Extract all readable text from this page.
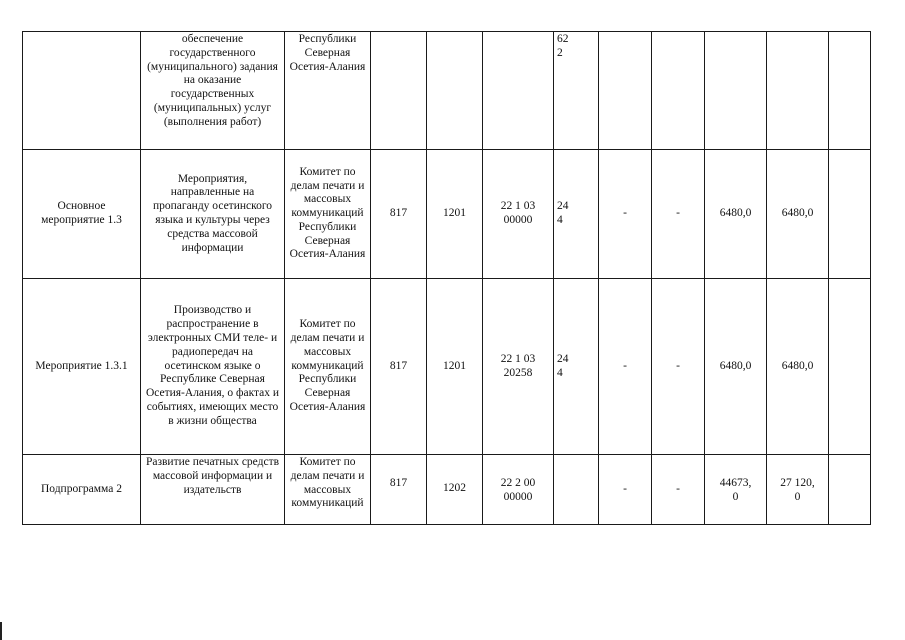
	обеспечение государственного (муниципального) задания на оказание государственных (муниципальных) услуг (выполнения работ)	Республики Северная Осетия-Алания				62
2					
Основное мероприятие 1.3	Мероприятия, направленные на пропаганду осетинского языка и культуры через средства массовой информации	Комитет по делам печати и массовых коммуникаций Республики Северная Осетия-Алания	817	1201	22 1 03
00000	24
4	-	-	6480,0	6480,0	
Мероприятие 1.3.1	Производство и распространение в электронных СМИ теле- и радиопередач на осетинском языке о Республике Северная Осетия-Алания, о фактах и событиях, имеющих место в жизни общества	Комитет по делам печати и массовых коммуникаций Республики Северная Осетия-Алания	817	1201	22 1 03
20258	24
4	-	-	6480,0	6480,0	
Подпрограмма 2	Развитие печатных средств массовой информации и издательств	Комитет по делам печати и массовых коммуникаций	817	1202	22 2 00
00000		-	-	44673,
0	27 120,
0	
